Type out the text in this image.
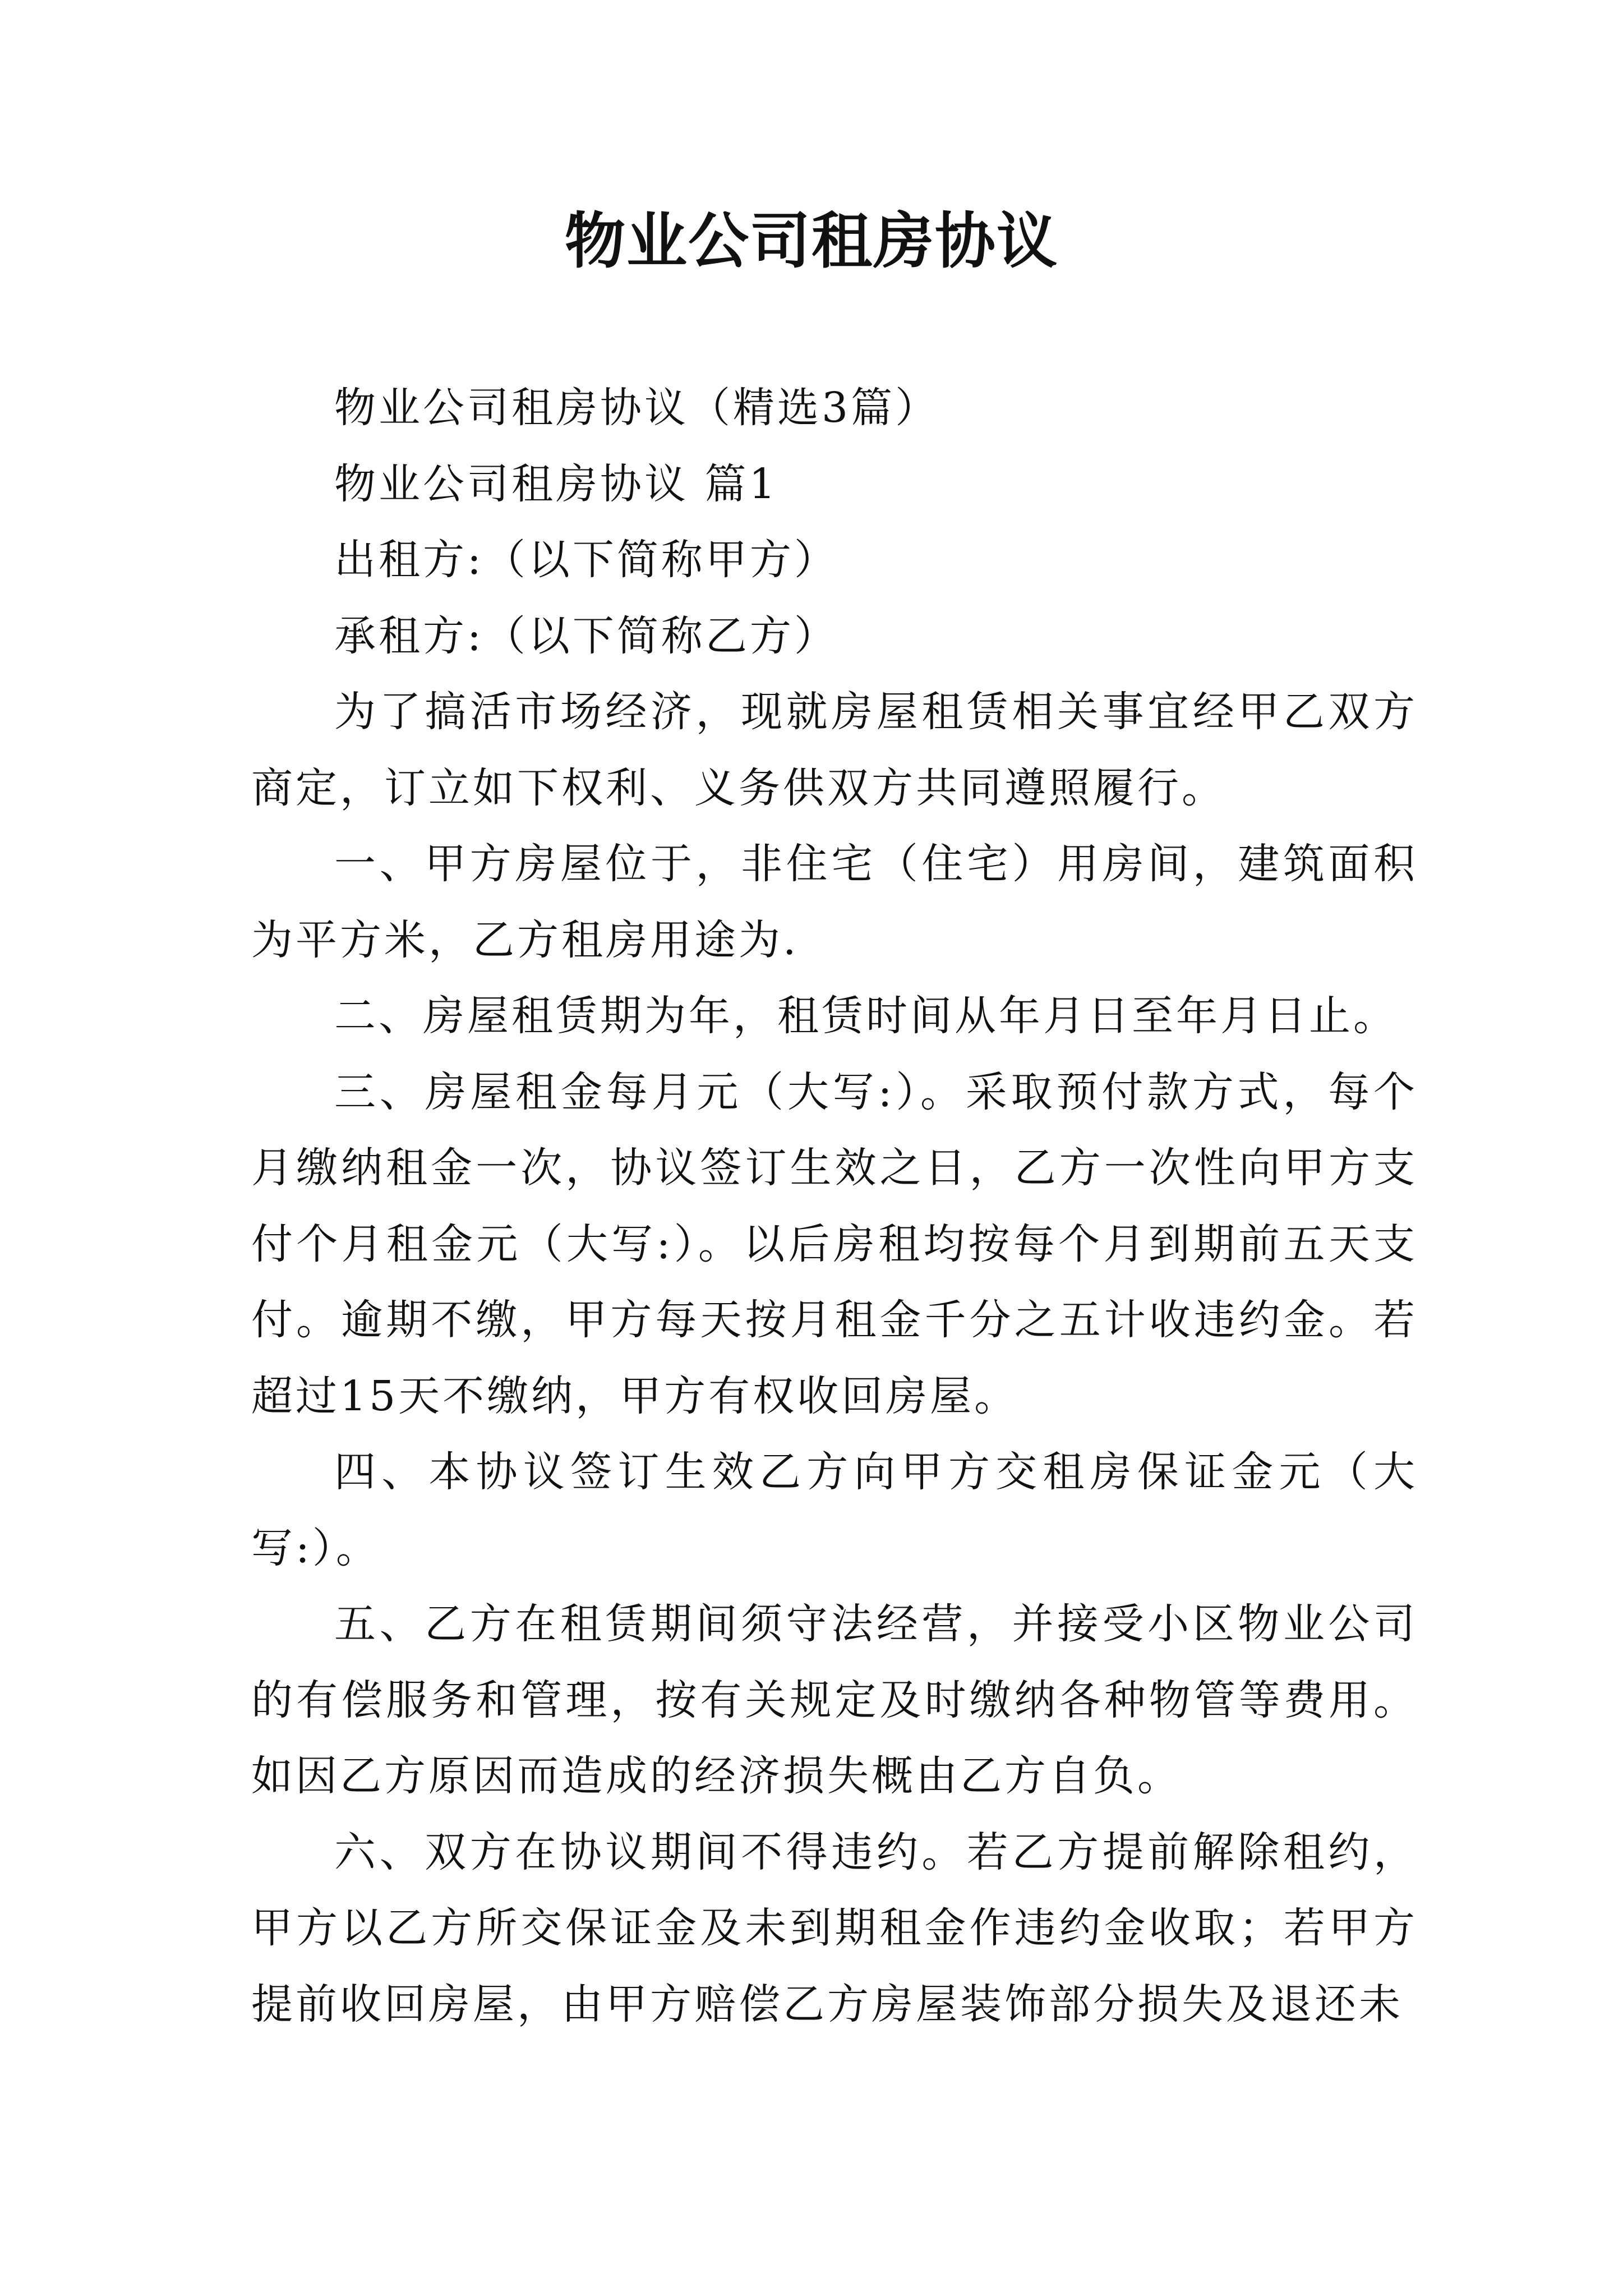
物业公司租房协议

物业公司租房协议（精选3篇）

物业公司租房协议 篇1

出租方:（以下简称甲方）

承租方:（以下简称乙方）

为了搞活市场经济，现就房屋租赁相关事宜经甲乙双方商定，订立如下权利、义务供双方共同遵照履行。

一、甲方房屋位于，非住宅（住宅）用房间，建筑面积为平方米，乙方租房用途为.

二、房屋租赁期为年，租赁时间从年月日至年月日止。

三、房屋租金每月元（大写:）。采取预付款方式，每个月缴纳租金一次，协议签订生效之日，乙方一次性向甲方支付个月租金元（大写:）。以后房租均按每个月到期前五天支付。逾期不缴，甲方每天按月租金千分之五计收违约金。若超过15天不缴纳，甲方有权收回房屋。

四、本协议签订生效乙方向甲方交租房保证金元（大写:）。

五、乙方在租赁期间须守法经营，并接受小区物业公司的有偿服务和管理，按有关规定及时缴纳各种物管等费用。如因乙方原因而造成的经济损失概由乙方自负。

六、双方在协议期间不得违约。若乙方提前解除租约，甲方以乙方所交保证金及未到期租金作违约金收取；若甲方提前收回房屋，由甲方赔偿乙方房屋装饰部分损失及退还未
